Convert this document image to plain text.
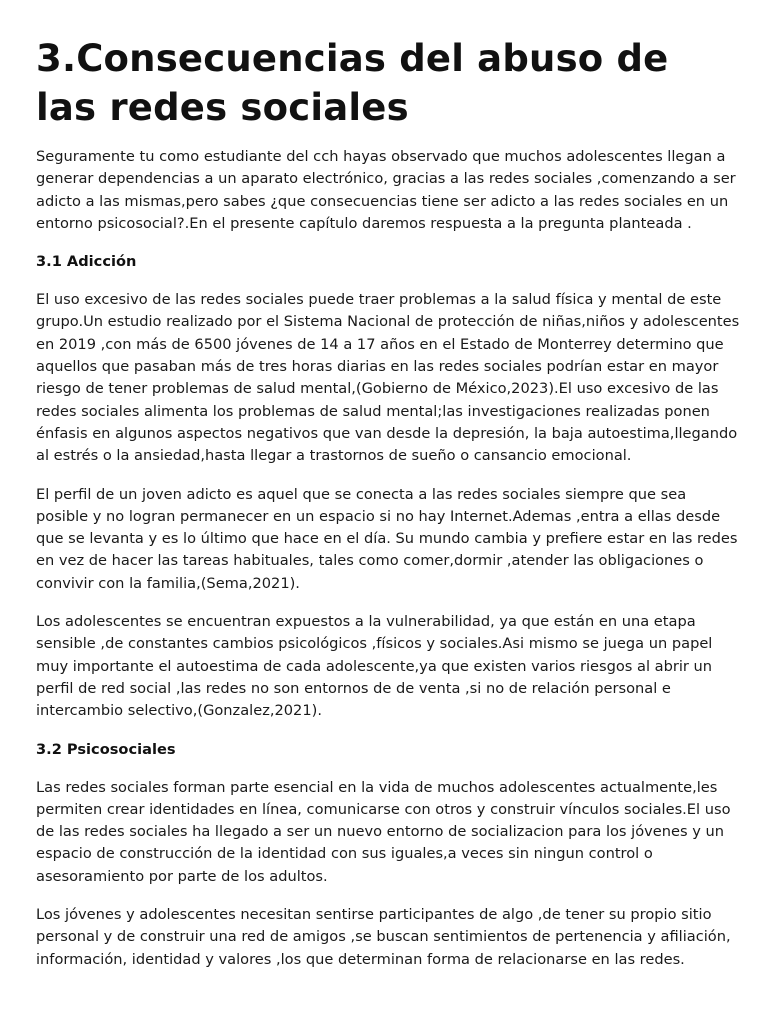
3.Consecuencias del abuso de las redes sociales

Seguramente tu como estudiante del cch hayas observado que muchos adolescentes llegan a generar dependencias a un aparato electrónico, gracias a las redes sociales ,comenzando a ser adicto a las mismas,pero sabes ¿que consecuencias tiene ser adicto a las redes sociales en un entorno psicosocial?.En el presente capítulo daremos respuesta a la pregunta planteada .

3.1 Adicción

El uso excesivo de las redes sociales puede traer problemas a la salud física y mental de este grupo.Un estudio realizado por el Sistema Nacional de protección de niñas,niños y adolescentes en 2019 ,con más de 6500 jóvenes de 14 a 17 años en el Estado de Monterrey determino que aquellos que pasaban más de tres horas diarias en las redes sociales podrían estar en mayor riesgo de tener problemas de salud mental,(Gobierno de México,2023).El uso excesivo de las redes sociales alimenta los problemas de salud mental;las investigaciones realizadas ponen énfasis en algunos aspectos negativos que van desde la depresión, la baja autoestima,llegando al estrés o la ansiedad,hasta llegar a trastornos de sueño o cansancio emocional.

El perfil de un joven adicto es aquel que se conecta a las redes sociales siempre que sea posible y no logran permanecer en un espacio si no hay Internet.Ademas ,entra a ellas desde que se levanta y es lo último que hace en el día. Su mundo cambia y prefiere estar en las redes en vez de hacer las tareas habituales, tales como comer,dormir ,atender las obligaciones o convivir con la familia,(Sema,2021).

Los adolescentes se encuentran expuestos a la vulnerabilidad, ya que están en una etapa sensible ,de constantes cambios psicológicos ,físicos y sociales.Asi mismo se juega un papel muy importante el autoestima de cada adolescente,ya que existen varios riesgos al abrir un perfil de red social ,las redes no son entornos de de venta ,si no de relación personal e intercambio selectivo,(Gonzalez,2021).

3.2 Psicosociales

Las redes sociales forman parte esencial en la vida de muchos adolescentes actualmente,les permiten crear identidades en línea, comunicarse con otros y construir vínculos sociales.El uso de las redes sociales ha llegado a ser un nuevo entorno de socializacion para los jóvenes y un espacio de construcción de la identidad con sus iguales,a veces sin ningun control o asesoramiento por parte de los adultos.

Los jóvenes y adolescentes necesitan sentirse participantes de algo ,de tener su propio sitio personal y de construir una red de amigos ,se buscan sentimientos de pertenencia y afiliación, información, identidad y valores ,los que determinan forma de relacionarse en las redes.
